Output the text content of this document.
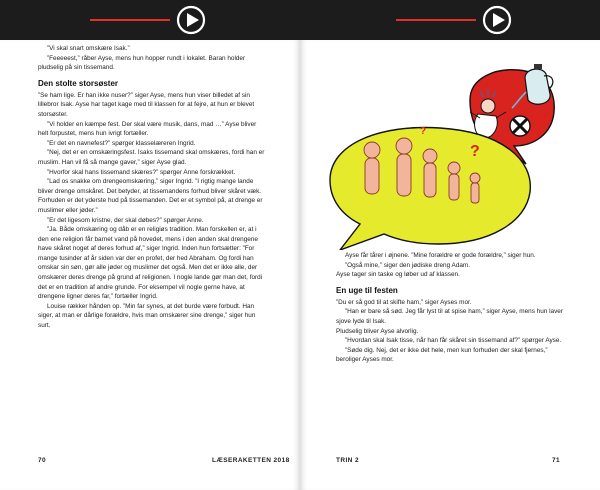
”Vi skal snart omskære Isak.”

”Feeeeest,” råber Ayse, mens hun hopper rundt i lokalet. Baran holder pludselig på sin tissemand.

Den stolte storsøster

”Se ham lige. Er han ikke nuser?” siger Ayse, mens hun viser billedet af sin lillebror Isak. Ayse har taget kage med til klassen for at fejre, at hun er blevet storsøster.

”Vi holder en kæmpe fest. Der skal være musik, dans, mad …” Ayse bliver helt forpustet, mens hun ivrigt fortæller.

”Er det en navnefest?” spørger klasselæreren Ingrid.

”Nej, det er en omskæringsfest. Isaks tissemand skal omskæres, fordi han er muslim. Han vil få så mange gaver,” siger Ayse glad.

”Hvorfor skal hans tissemand skæres?” spørger Anne forskrækket.

”Lad os snakke om drengeomskæring,” siger Ingrid. ”I rigtig mange lande bliver drenge omskåret. Det betyder, at tissemandens forhud bliver skåret væk. Forhuden er det yderste hud på tissemanden. Det er et symbol på, at drenge er muslimer eller jøder.”

”Er det ligesom kristne, der skal døbes?” spørger Anne.

”Ja. Både omskæring og dåb er en religiøs tradition. Man forskellen er, at i den ene religion får barnet vand på hovedet, mens i den anden skal drengene have skåret noget af deres forhud af,” siger Ingrid. Inden hun fortsætter: ”For mange tusinder af år siden var der en profet, der hed Abraham. Og fordi han omskar sin søn, gør alle jøder og muslimer det også. Men det er ikke alle, der omskærer deres drenge på grund af religionen. I nogle lande gør man det, fordi det er en tradition af andre grunde. For eksempel vil nogle gerne have, at drengene ligner deres far,” fortæller Ingrid.

Louise rækker hånden op. ”Min far synes, at det burde være forbudt. Han siger, at man er dårlige forældre, hvis man omskærer sine drenge,” siger hun surt.

?
?

Ayse får tårer i øjnene. ”Mine forældre er gode forældre,” siger hun.

”Også mine,” siger den jødiske dreng Adam.

Ayse tager sin taske og løber ud af klassen.

En uge til festen

”Du er så god til at skifte ham,” siger Ayses mor.

”Han er bare så sød. Jeg får lyst til at spise ham,” siger Ayse, mens hun laver sjove lyde til Isak.

Pludselig bliver Ayse alvorlig.

”Hvordan skal Isak tisse, når han får skåret sin tissemand af?” spørger Ayse.

”Søde dig. Nej, det er ikke det hele, men kun forhuden der skal fjernes,” beroliger Ayses mor.

70	LÆSERAKETTEN 2018	TRIN 2	71
